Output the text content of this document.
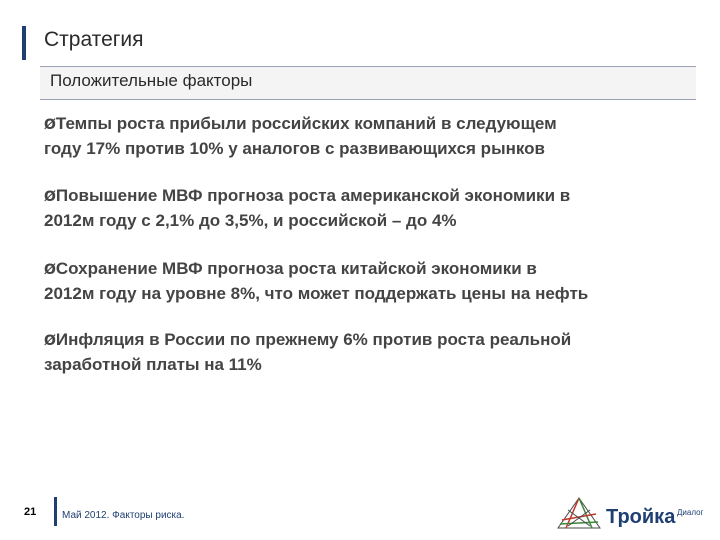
Стратегия
Положительные факторы
ØТемпы роста прибыли российских компаний в следующем
году 17% против 10% у аналогов с развивающихся рынков
ØПовышение МВФ прогноза роста американской экономики в
2012м году с 2,1% до 3,5%, и российской – до 4%
ØСохранение МВФ прогноза роста китайской экономики в
2012м году на уровне 8%, что может поддержать цены на нефть
ØИнфляция в России по прежнему 6% против роста реальной
заработной платы на 11%
21	Май 2012. Факторы риска.	Тройка Диалог
